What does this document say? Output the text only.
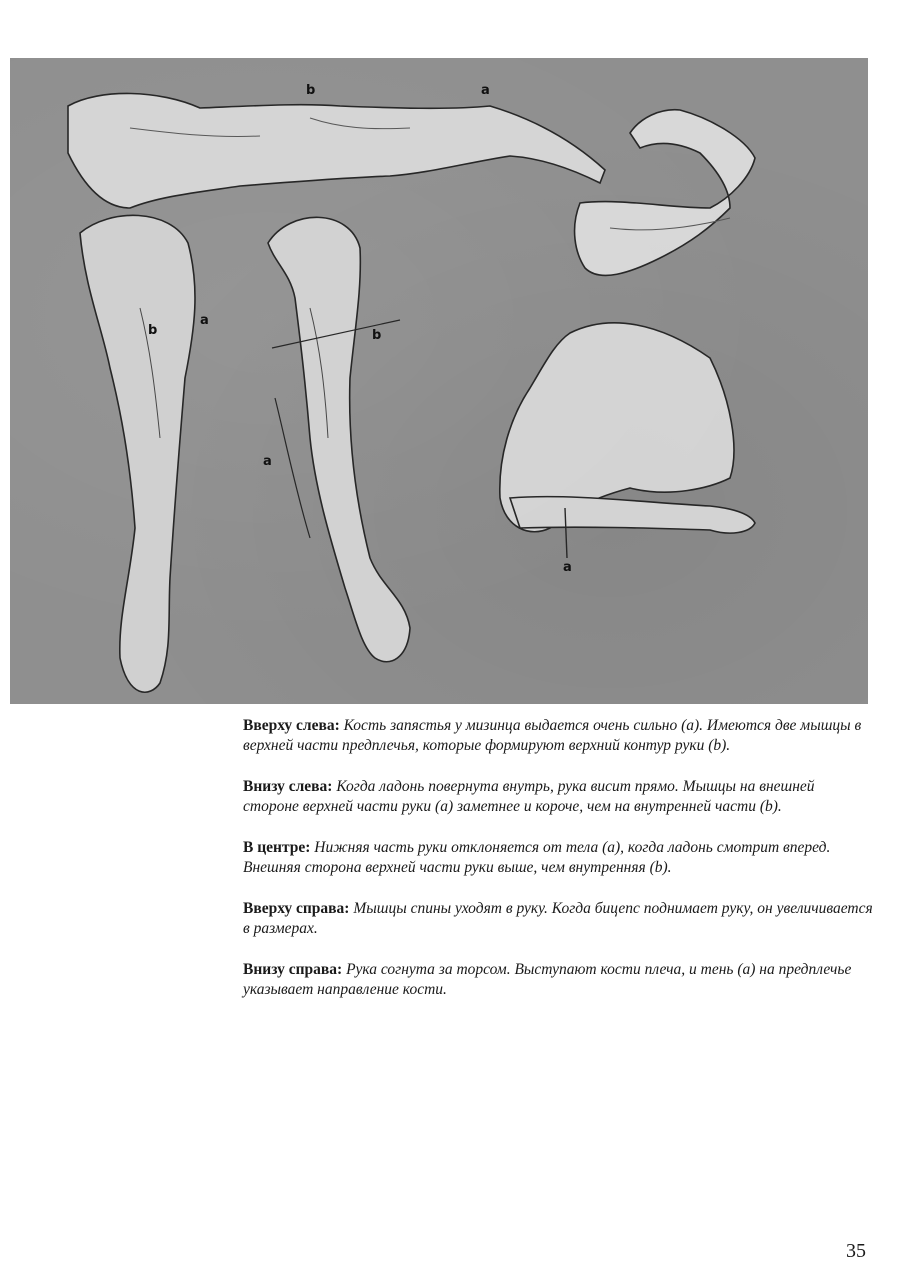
b	a
b
a
b
a
a

Вверху слева: Кость запястья у мизинца выдается очень сильно (a). Имеются две мышцы в верхней части предплечья, которые формируют верхний контур руки (b).

Внизу слева: Когда ладонь повернута внутрь, рука висит прямо. Мышцы на внешней стороне верхней части руки (a) заметнее и короче, чем на внутренней части (b).

В центре: Нижняя часть руки отклоняется от тела (a), когда ладонь смотрит вперед. Внешняя сторона верхней части руки выше, чем внутренняя (b).

Вверху справа: Мышцы спины уходят в руку. Когда бицепс поднимает руку, он увеличивается в размерах.

Внизу справа: Рука согнута за торсом. Выступают кости плеча, и тень (a) на предплечье указывает направление кости.

35
